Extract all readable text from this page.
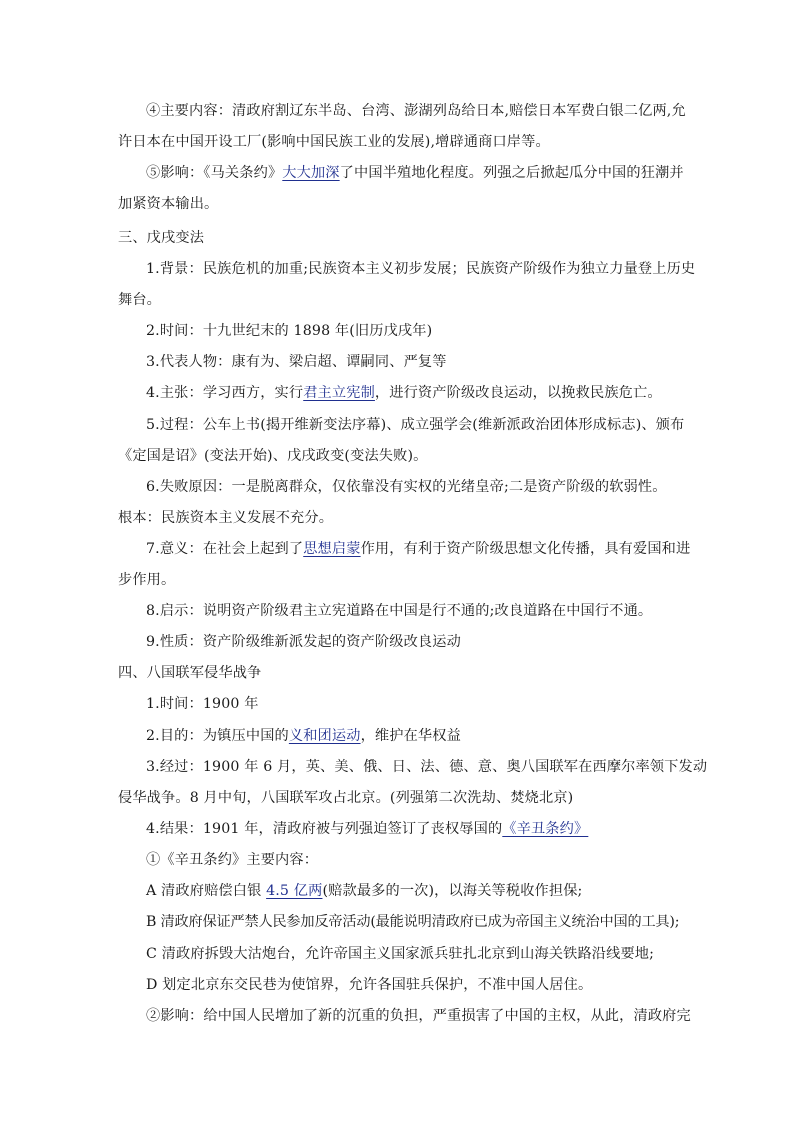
④主要内容：清政府割辽东半岛、台湾、澎湖列岛给日本,赔偿日本军费白银二亿两,允
许日本在中国开设工厂(影响中国民族工业的发展),增辟通商口岸等。
⑤影响：《马关条约》大大加深了中国半殖地化程度。列强之后掀起瓜分中国的狂潮并
加紧资本输出。
三、戊戌变法
1.背景：民族危机的加重;民族资本主义初步发展；民族资产阶级作为独立力量登上历史
舞台。
2.时间：十九世纪末的 1898 年(旧历戊戌年)
3.代表人物：康有为、梁启超、谭嗣同、严复等
4.主张：学习西方，实行君主立宪制，进行资产阶级改良运动，以挽救民族危亡。
5.过程：公车上书(揭开维新变法序幕)、成立强学会(维新派政治团体形成标志)、颁布
《定国是诏》(变法开始)、戊戌政变(变法失败)。
6.失败原因：一是脱离群众，仅依靠没有实权的光绪皇帝;二是资产阶级的软弱性。
根本：民族资本主义发展不充分。
7.意义：在社会上起到了思想启蒙作用，有利于资产阶级思想文化传播，具有爱国和进
步作用。
8.启示：说明资产阶级君主立宪道路在中国是行不通的;改良道路在中国行不通。
9.性质：资产阶级维新派发起的资产阶级改良运动
四、八国联军侵华战争
1.时间：1900 年
2.目的：为镇压中国的义和团运动，维护在华权益
3.经过：1900 年 6 月，英、美、俄、日、法、德、意、奥八国联军在西摩尔率领下发动
侵华战争。8 月中旬，八国联军攻占北京。(列强第二次洗劫、焚烧北京)
4.结果：1901 年，清政府被与列强迫签订了丧权辱国的《辛丑条约》
①《辛丑条约》主要内容：
A 清政府赔偿白银 4.5 亿两(赔款最多的一次)，以海关等税收作担保;
B 清政府保证严禁人民参加反帝活动(最能说明清政府已成为帝国主义统治中国的工具);
C 清政府拆毁大沽炮台，允许帝国主义国家派兵驻扎北京到山海关铁路沿线要地;
D 划定北京东交民巷为使馆界，允许各国驻兵保护，不准中国人居住。
②影响：给中国人民增加了新的沉重的负担，严重损害了中国的主权，从此，清政府完
